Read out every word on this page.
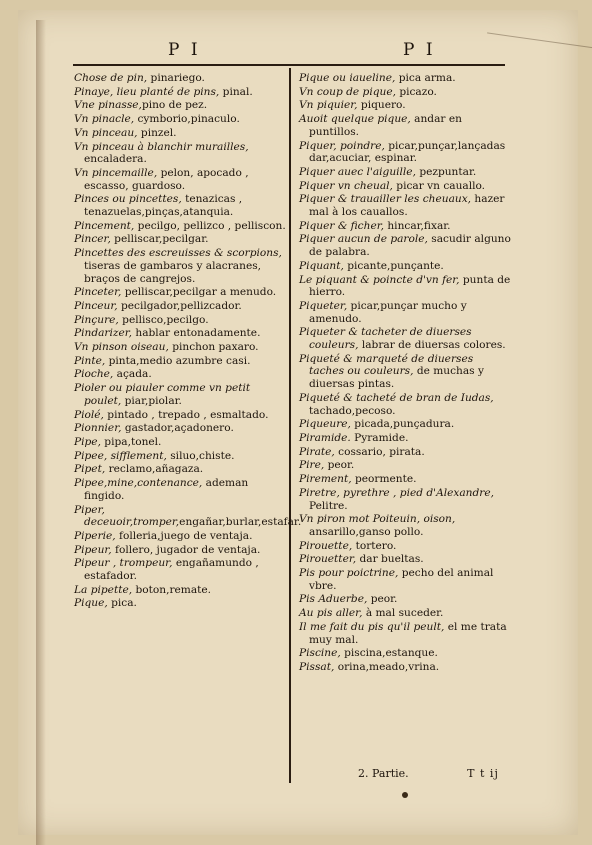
P I	P I
Chose de pin, pinariego.
Pinaye, lieu planté de pins, pinal.
Vne pinasse,pino de pez.
Vn pinacle, cymborio,pinaculo.
Vn pinceau, pinzel.
Vn pinceau à blanchir murailles, encaladera.
Vn pincemaille, pelon, apocado , escasso, guardoso.
Pinces ou pincettes, tenazicas , tenazuelas,pinças,atanquia.
Pincement, pecilgo, pellizco , pelliscon.
Pincer, pelliscar,pecilgar.
Pincettes des escreuisses & scorpions, tiseras de gambaros y alacranes, braços de cangrejos.
Pinceter, pelliscar,pecilgar a menudo.
Pinceur, pecilgador,pellizcador.
Pinçure, pellisco,pecilgo.
Pindarizer, hablar entonadamente.
Vn pinson oiseau, pinchon paxaro.
Pinte, pinta,medio azumbre casi.
Pioche, açada.
Pioler ou piauler comme vn petit poulet, piar,piolar.
Piolé, pintado , trepado , esmaltado.
Pionnier, gastador,açadonero.
Pipe, pipa,tonel.
Pipee, sifflement, siluo,chiste.
Pipet, reclamo,añagaza.
Pipee,mine,contenance, ademan fingido.
Piper, deceuoir,tromper,engañar,burlar,estafar.
Piperie, folleria,juego de ventaja.
Pipeur, follero, jugador de ventaja.
Pipeur , trompeur, engañamundo , estafador.
La pipette, boton,remate.
Pique, pica.
Pique ou iaueline, pica arma.
Vn coup de pique, picazo.
Vn piquier, piquero.
Auoit quelque pique, andar en puntillos.
Piquer, poindre, picar,punçar,lançadas dar,acuciar, espinar.
Piquer auec l'aiguille, pezpuntar.
Piquer vn cheual, picar vn cauallo.
Piquer & trauailler les cheuaux, hazer mal à los cauallos.
Piquer & ficher, hincar,fixar.
Piquer aucun de parole, sacudir alguno de palabra.
Piquant, picante,punçante.
Le piquant & poincte d'vn fer, punta de hierro.
Piqueter, picar,punçar mucho y amenudo.
Piqueter & tacheter de diuerses couleurs, labrar de diuersas colores.
Piqueté & marqueté de diuerses taches ou couleurs, de muchas y diuersas pintas.
Piqueté & tacheté de bran de Iudas, tachado,pecoso.
Piqueure, picada,punçadura.
Piramide. Pyramide.
Pirate, cossario, pirata.
Pire, peor.
Pirement, peormente.
Piretre, pyrethre , pied d'Alexandre, Pelitre.
Vn piron mot Poiteuin, oison, ansarillo,ganso pollo.
Pirouette, tortero.
Pirouetter, dar bueltas.
Pis pour poictrine, pecho del animal vbre.
Pis Aduerbe, peor.
Au pis aller, à mal suceder.
Il me fait du pis qu'il peult, el me trata muy mal.
Piscine, piscina,estanque.
Pissat, orina,meado,vrina.
2. Partie.	T t ij
